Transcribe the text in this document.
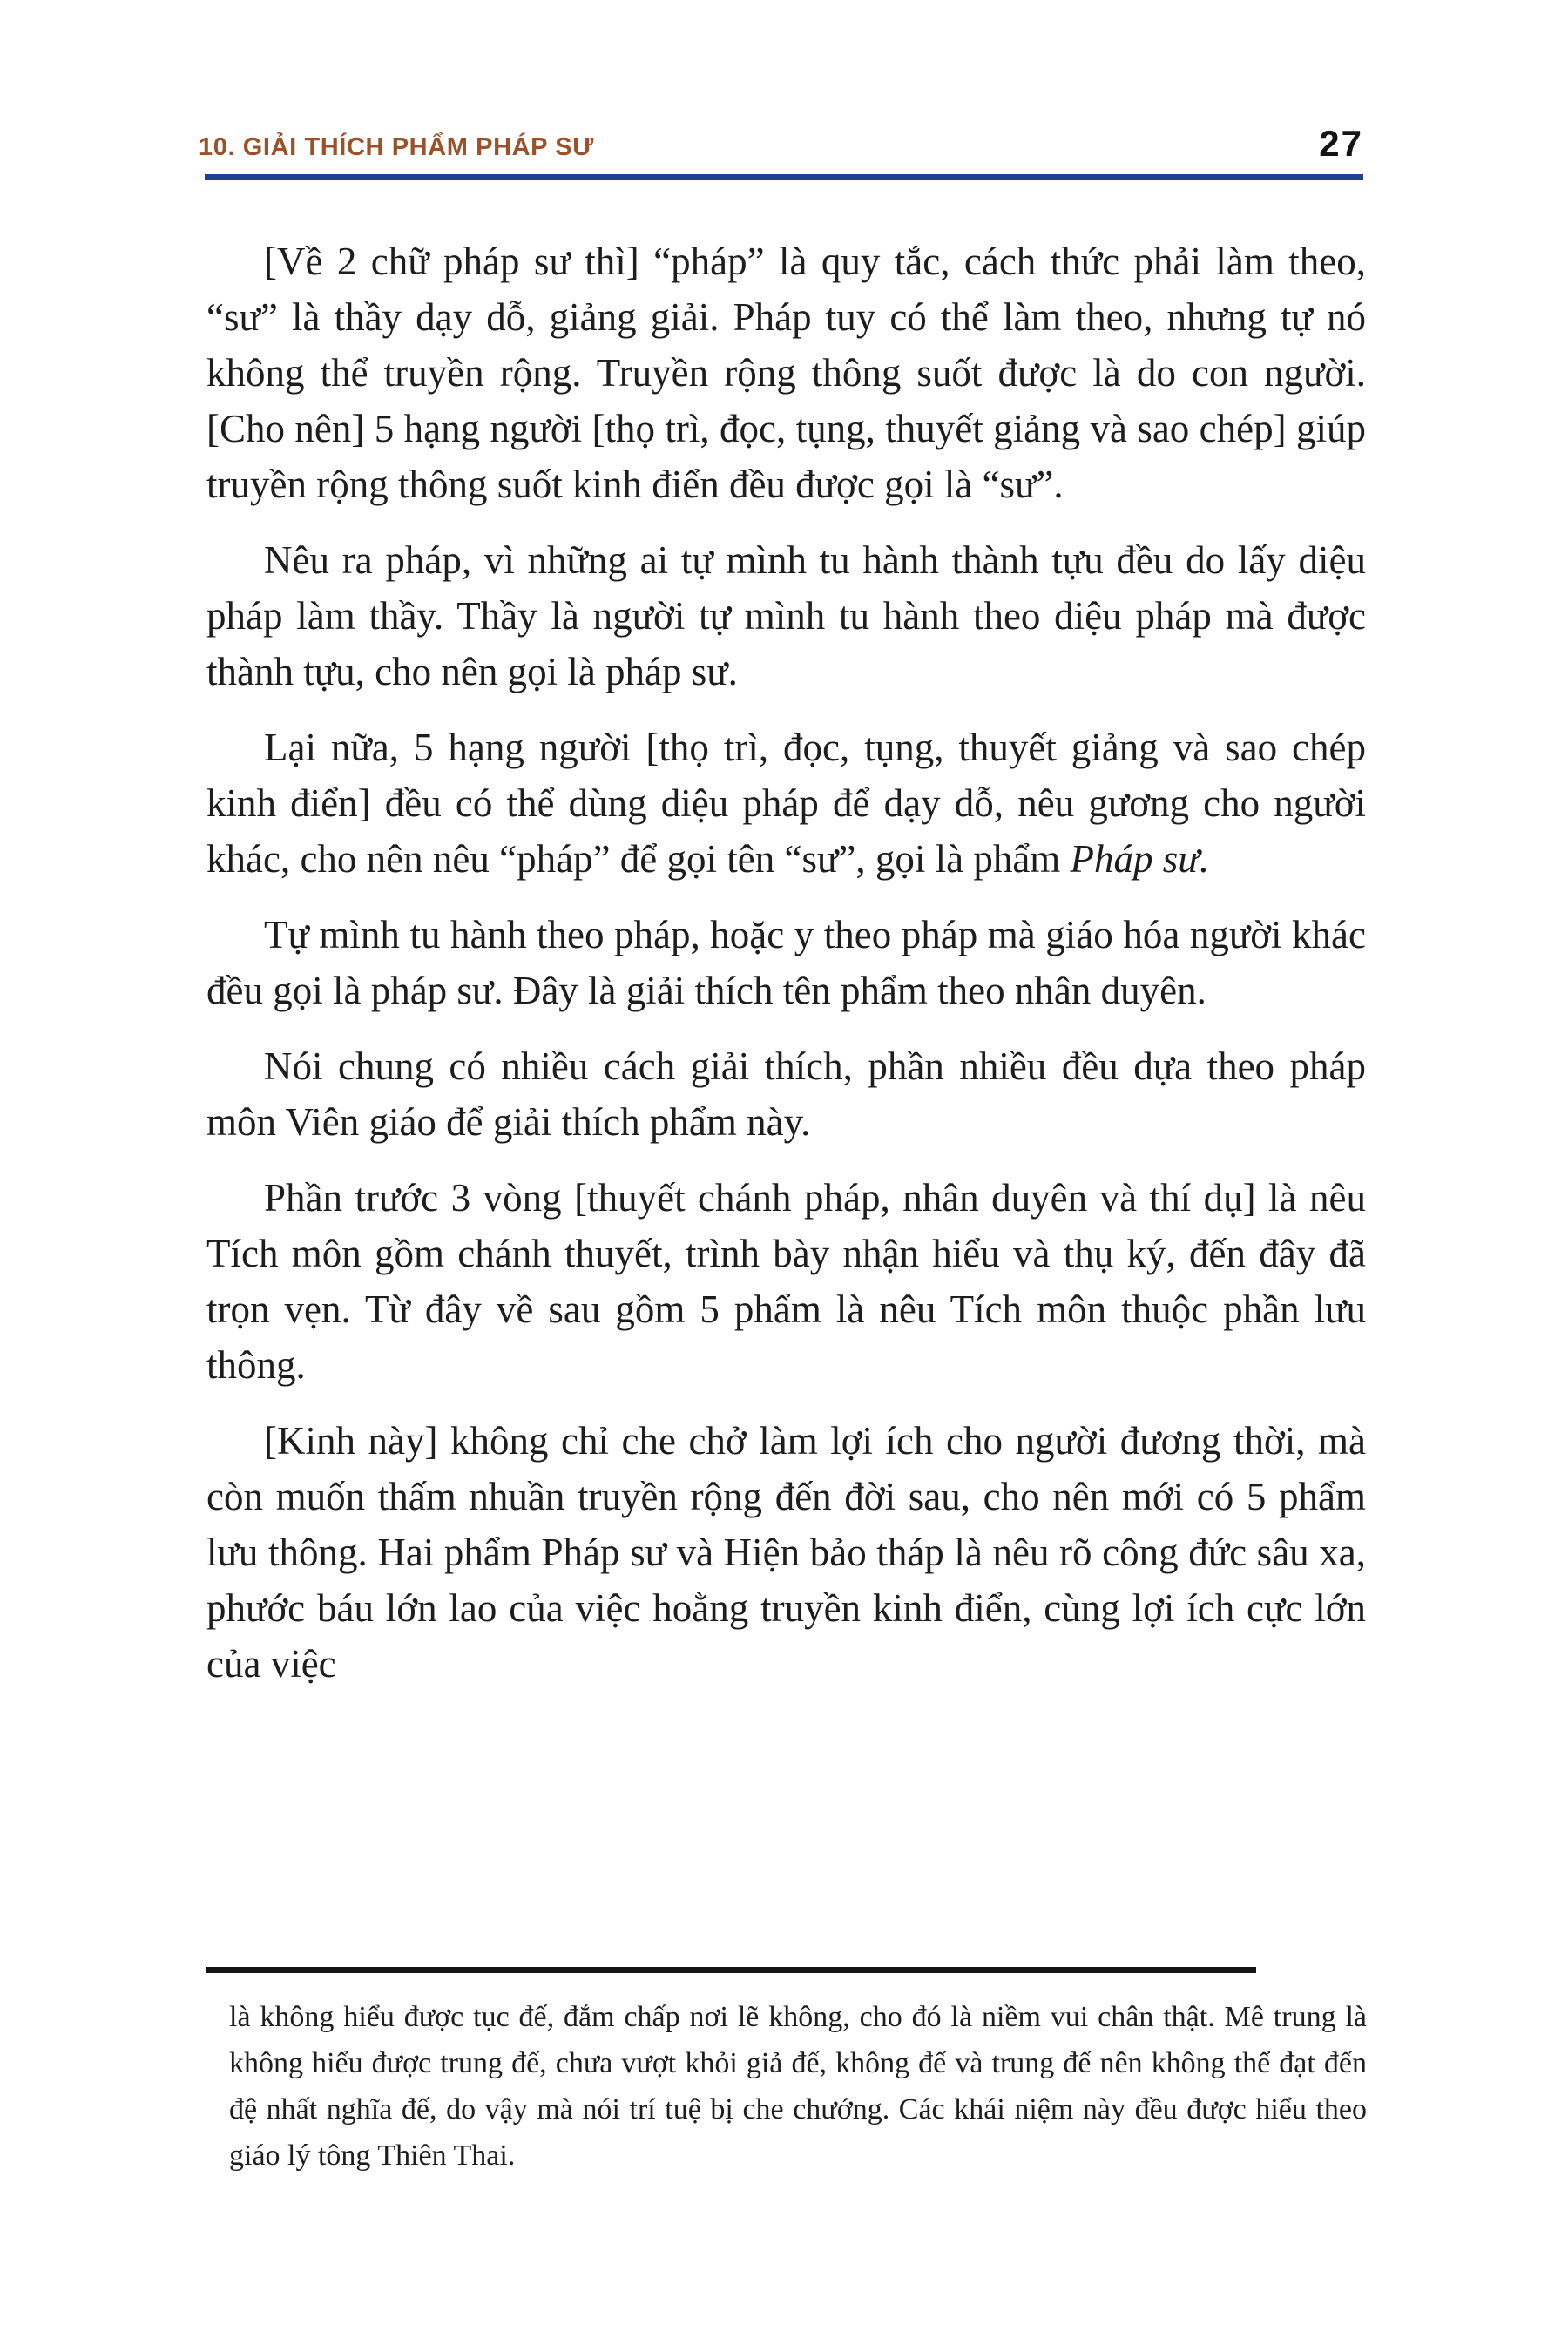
10. GIẢI THÍCH PHẨM PHÁP SƯ	27

[Về 2 chữ pháp sư thì] “pháp” là quy tắc, cách thức phải làm theo, “sư” là thầy dạy dỗ, giảng giải. Pháp tuy có thể làm theo, nhưng tự nó không thể truyền rộng. Truyền rộng thông suốt được là do con người. [Cho nên] 5 hạng người [thọ trì, đọc, tụng, thuyết giảng và sao chép] giúp truyền rộng thông suốt kinh điển đều được gọi là “sư”.

Nêu ra pháp, vì những ai tự mình tu hành thành tựu đều do lấy diệu pháp làm thầy. Thầy là người tự mình tu hành theo diệu pháp mà được thành tựu, cho nên gọi là pháp sư.

Lại nữa, 5 hạng người [thọ trì, đọc, tụng, thuyết giảng và sao chép kinh điển] đều có thể dùng diệu pháp để dạy dỗ, nêu gương cho người khác, cho nên nêu “pháp” để gọi tên “sư”, gọi là phẩm Pháp sư.

Tự mình tu hành theo pháp, hoặc y theo pháp mà giáo hóa người khác đều gọi là pháp sư. Đây là giải thích tên phẩm theo nhân duyên.

Nói chung có nhiều cách giải thích, phần nhiều đều dựa theo pháp môn Viên giáo để giải thích phẩm này.

Phần trước 3 vòng [thuyết chánh pháp, nhân duyên và thí dụ] là nêu Tích môn gồm chánh thuyết, trình bày nhận hiểu và thụ ký, đến đây đã trọn vẹn. Từ đây về sau gồm 5 phẩm là nêu Tích môn thuộc phần lưu thông.

[Kinh này] không chỉ che chở làm lợi ích cho người đương thời, mà còn muốn thấm nhuần truyền rộng đến đời sau, cho nên mới có 5 phẩm lưu thông. Hai phẩm Pháp sư và Hiện bảo tháp là nêu rõ công đức sâu xa, phước báu lớn lao của việc hoằng truyền kinh điển, cùng lợi ích cực lớn của việc

là không hiểu được tục đế, đắm chấp nơi lẽ không, cho đó là niềm vui chân thật. Mê trung là không hiểu được trung đế, chưa vượt khỏi giả đế, không đế và trung đế nên không thể đạt đến đệ nhất nghĩa đế, do vậy mà nói trí tuệ bị che chướng. Các khái niệm này đều được hiểu theo giáo lý tông Thiên Thai.
